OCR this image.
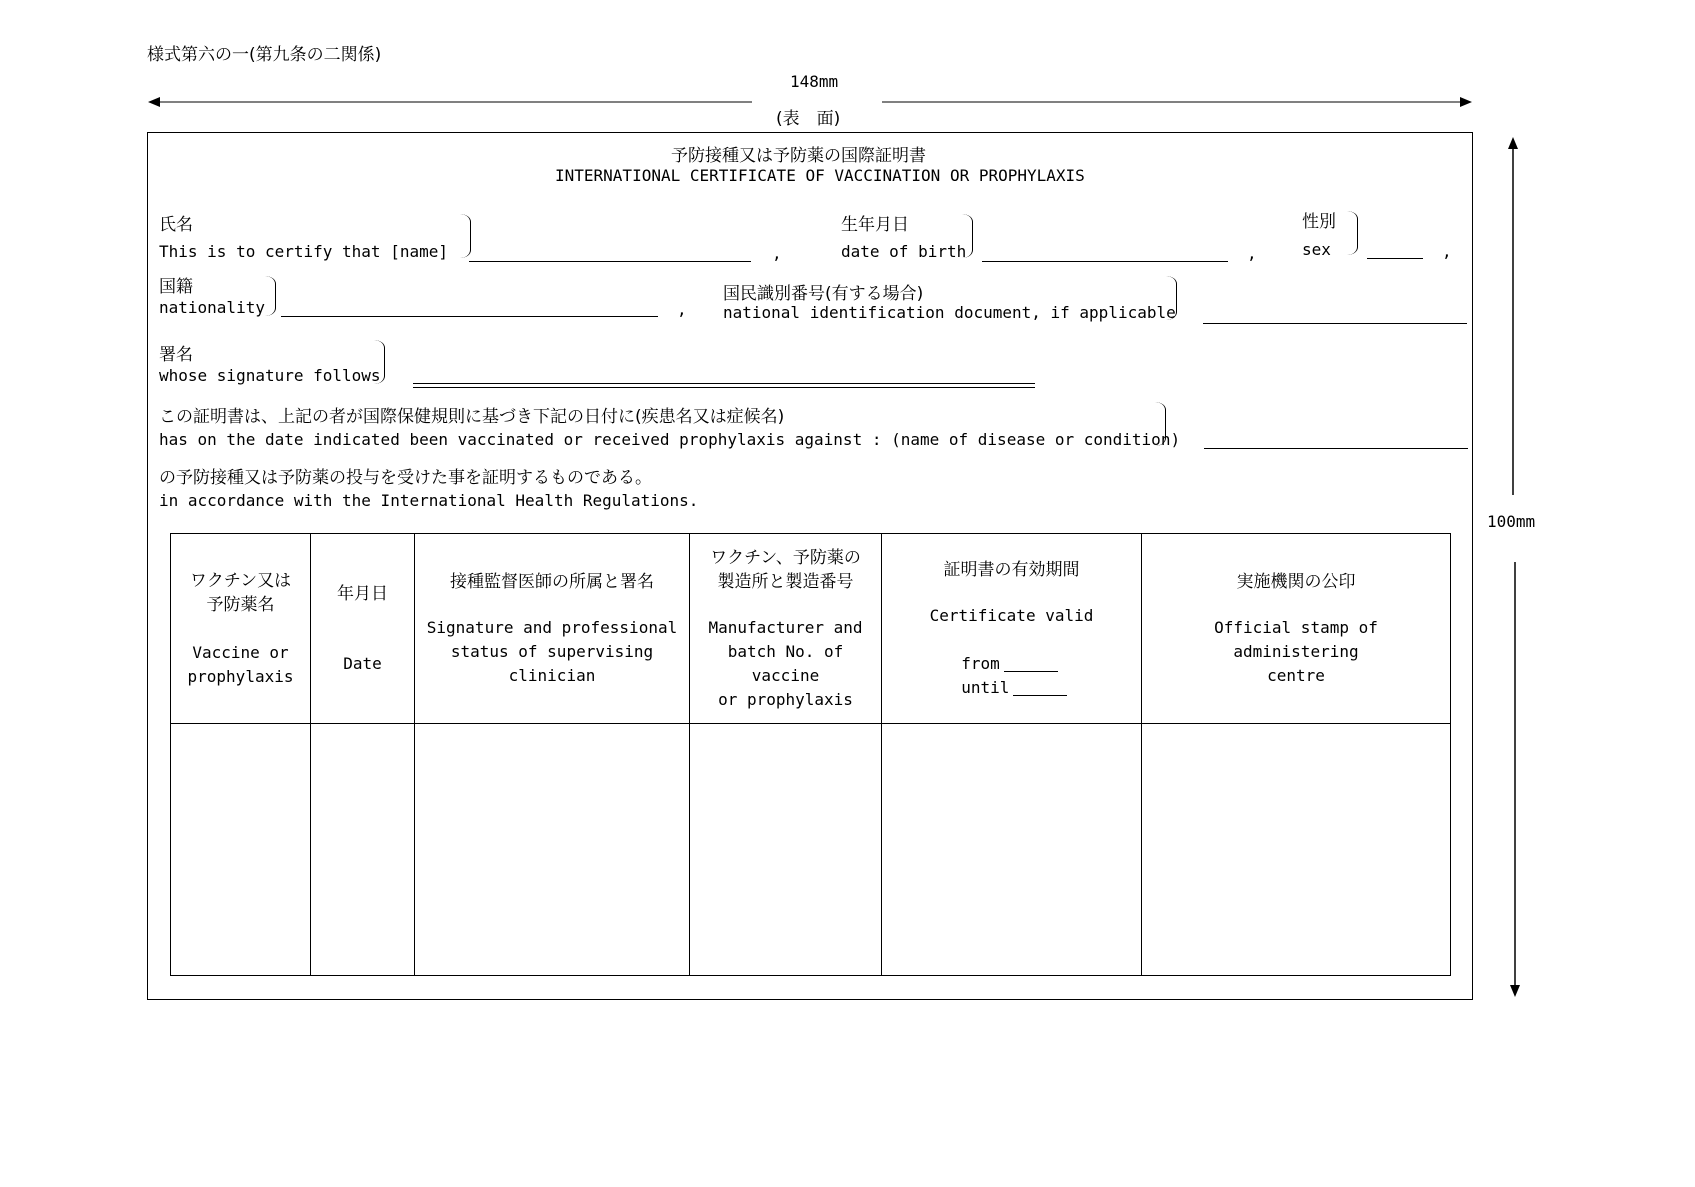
様式第六の一(第九条の二関係)
148mm
(表　面)
100mm
予防接種又は予防薬の国際証明書
INTERNATIONAL CERTIFICATE OF VACCINATION OR PROPHYLAXIS
氏名
This is to certify that [name]	,
生年月日
date of birth	,
性別
sex	,
国籍
nationality	,
国民識別番号(有する場合)
national identification document, if applicable
署名
whose signature follows
この証明書は、上記の者が国際保健規則に基づき下記の日付に(疾患名又は症候名)
has on the date indicated been vaccinated or received prophylaxis against : (name of disease or condition)
の予防接種又は予防薬の投与を受けた事を証明するものである。
in accordance with the International Health Regulations.
ワクチン又は
予防薬名
Vaccine or
prophylaxis	年月日
Date	接種監督医師の所属と署名
Signature and professional
status of supervising
clinician	ワクチン、予防薬の
製造所と製造番号
Manufacturer and
batch No. of vaccine
or prophylaxis	証明書の有効期間
Certificate valid

from
until	実施機関の公印
Official stamp of administering
centre
